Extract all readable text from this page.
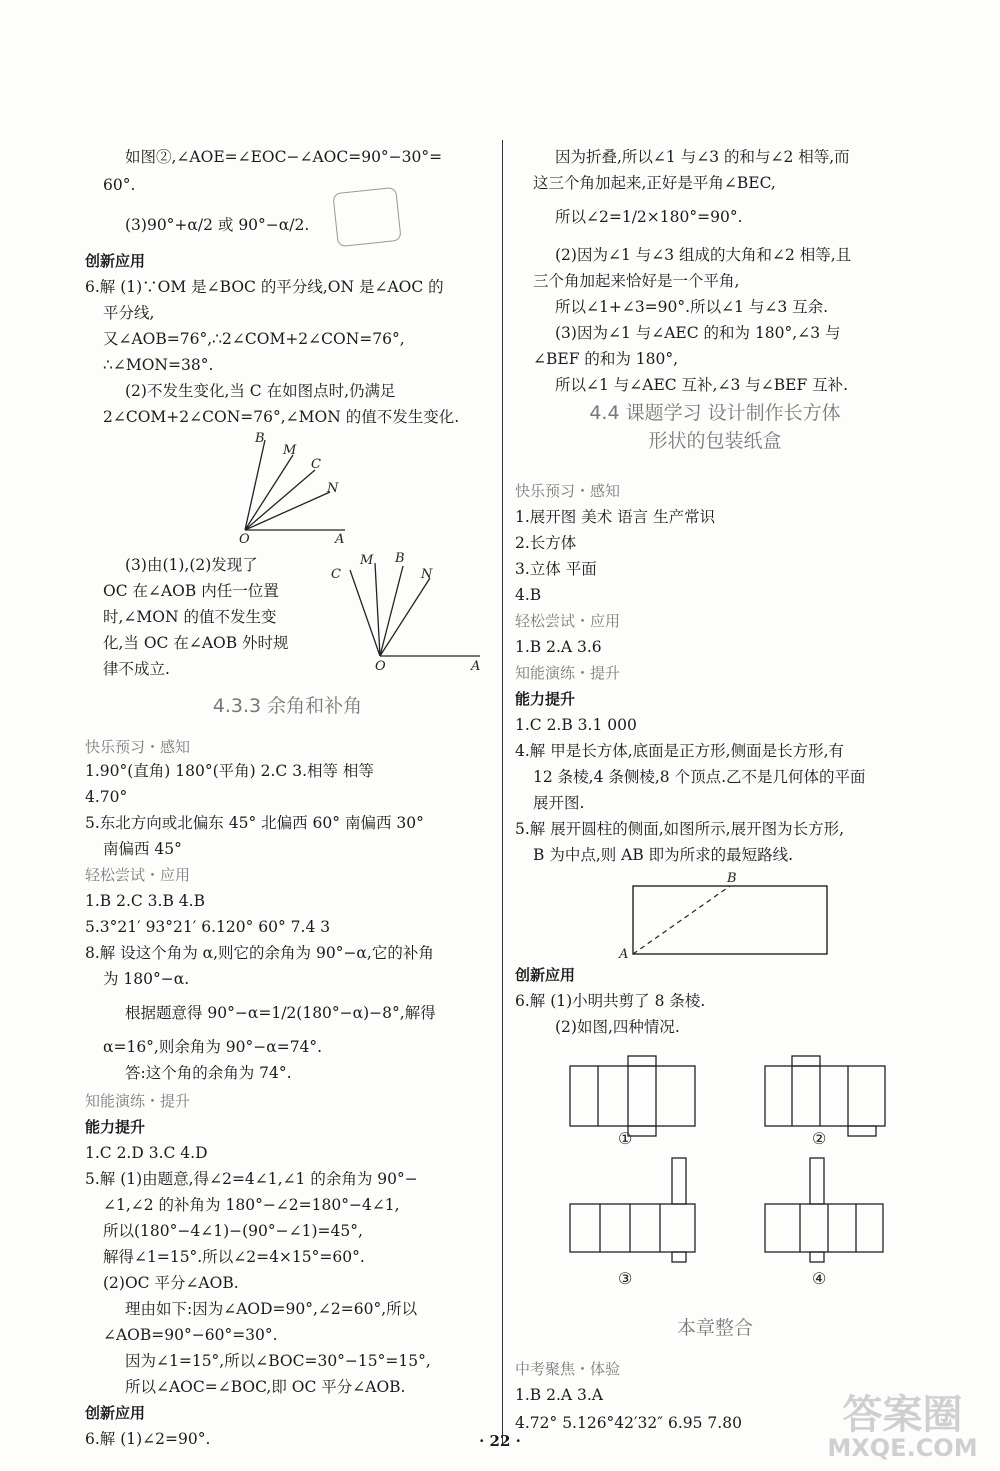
如图②,∠AOE=∠EOC−∠AOC=90°−30°=
60°.
(3)90°+α/2 或 90°−α/2.
创新应用
6.解 (1)∵OM 是∠BOC 的平分线,ON 是∠AOC 的
平分线,
又∠AOB=76°,∴2∠COM+2∠CON=76°,
∴∠MON=38°.
(2)不发生变化,当 C 在如图点时,仍满足
2∠COM+2∠CON=76°,∠MON 的值不发生变化.
(3)由(1),(2)发现了
OC 在∠AOB 内任一位置
时,∠MON 的值不发生变
化,当 OC 在∠AOB 外时规
律不成立.
4.3.3 余角和补角
快乐预习・感知
1.90°(直角) 180°(平角) 2.C 3.相等 相等
4.70°
5.东北方向或北偏东 45° 北偏西 60° 南偏西 30°
南偏西 45°
轻松尝试・应用
1.B 2.C 3.B 4.B
5.3°21′ 93°21′ 6.120° 60° 7.4 3
8.解 设这个角为 α,则它的余角为 90°−α,它的补角
为 180°−α.
根据题意得 90°−α=1/2(180°−α)−8°,解得
α=16°,则余角为 90°−α=74°.
答:这个角的余角为 74°.
知能演练・提升
能力提升
1.C 2.D 3.C 4.D
5.解 (1)由题意,得∠2=4∠1,∠1 的余角为 90°−
∠1,∠2 的补角为 180°−∠2=180°−4∠1,
所以(180°−4∠1)−(90°−∠1)=45°,
解得∠1=15°.所以∠2=4×15°=60°.
(2)OC 平分∠AOB.
理由如下:因为∠AOD=90°,∠2=60°,所以
∠AOB=90°−60°=30°.
因为∠1=15°,所以∠BOC=30°−15°=15°,
所以∠AOC=∠BOC,即 OC 平分∠AOB.
创新应用
6.解 (1)∠2=90°.
B
M
C
N
O	A
C
M B
N
O	A
因为折叠,所以∠1 与∠3 的和与∠2 相等,而
这三个角加起来,正好是平角∠BEC,
所以∠2=1/2×180°=90°.
(2)因为∠1 与∠3 组成的大角和∠2 相等,且
三个角加起来恰好是一个平角,
所以∠1+∠3=90°.所以∠1 与∠3 互余.
(3)因为∠1 与∠AEC 的和为 180°,∠3 与
∠BEF 的和为 180°,
所以∠1 与∠AEC 互补,∠3 与∠BEF 互补.
4.4 课题学习 设计制作长方体
形状的包装纸盒
快乐预习・感知
1.展开图 美术 语言 生产常识
2.长方体
3.立体 平面
4.B
轻松尝试・应用
1.B 2.A 3.6
知能演练・提升
能力提升
1.C 2.B 3.1 000
4.解 甲是长方体,底面是正方形,侧面是长方形,有
12 条棱,4 条侧棱,8 个顶点.乙不是几何体的平面
展开图.
5.解 展开圆柱的侧面,如图所示,展开图为长方形,
B 为中点,则 AB 即为所求的最短路线.
创新应用
6.解 (1)小明共剪了 8 条棱.
(2)如图,四种情况.
本章整合
中考聚焦・体验
1.B 2.A 3.A
4.72° 5.126°42′32″ 6.95 7.80
B
A
①	②
③	④
· 22 ·
答案圈
MXQE.COM
